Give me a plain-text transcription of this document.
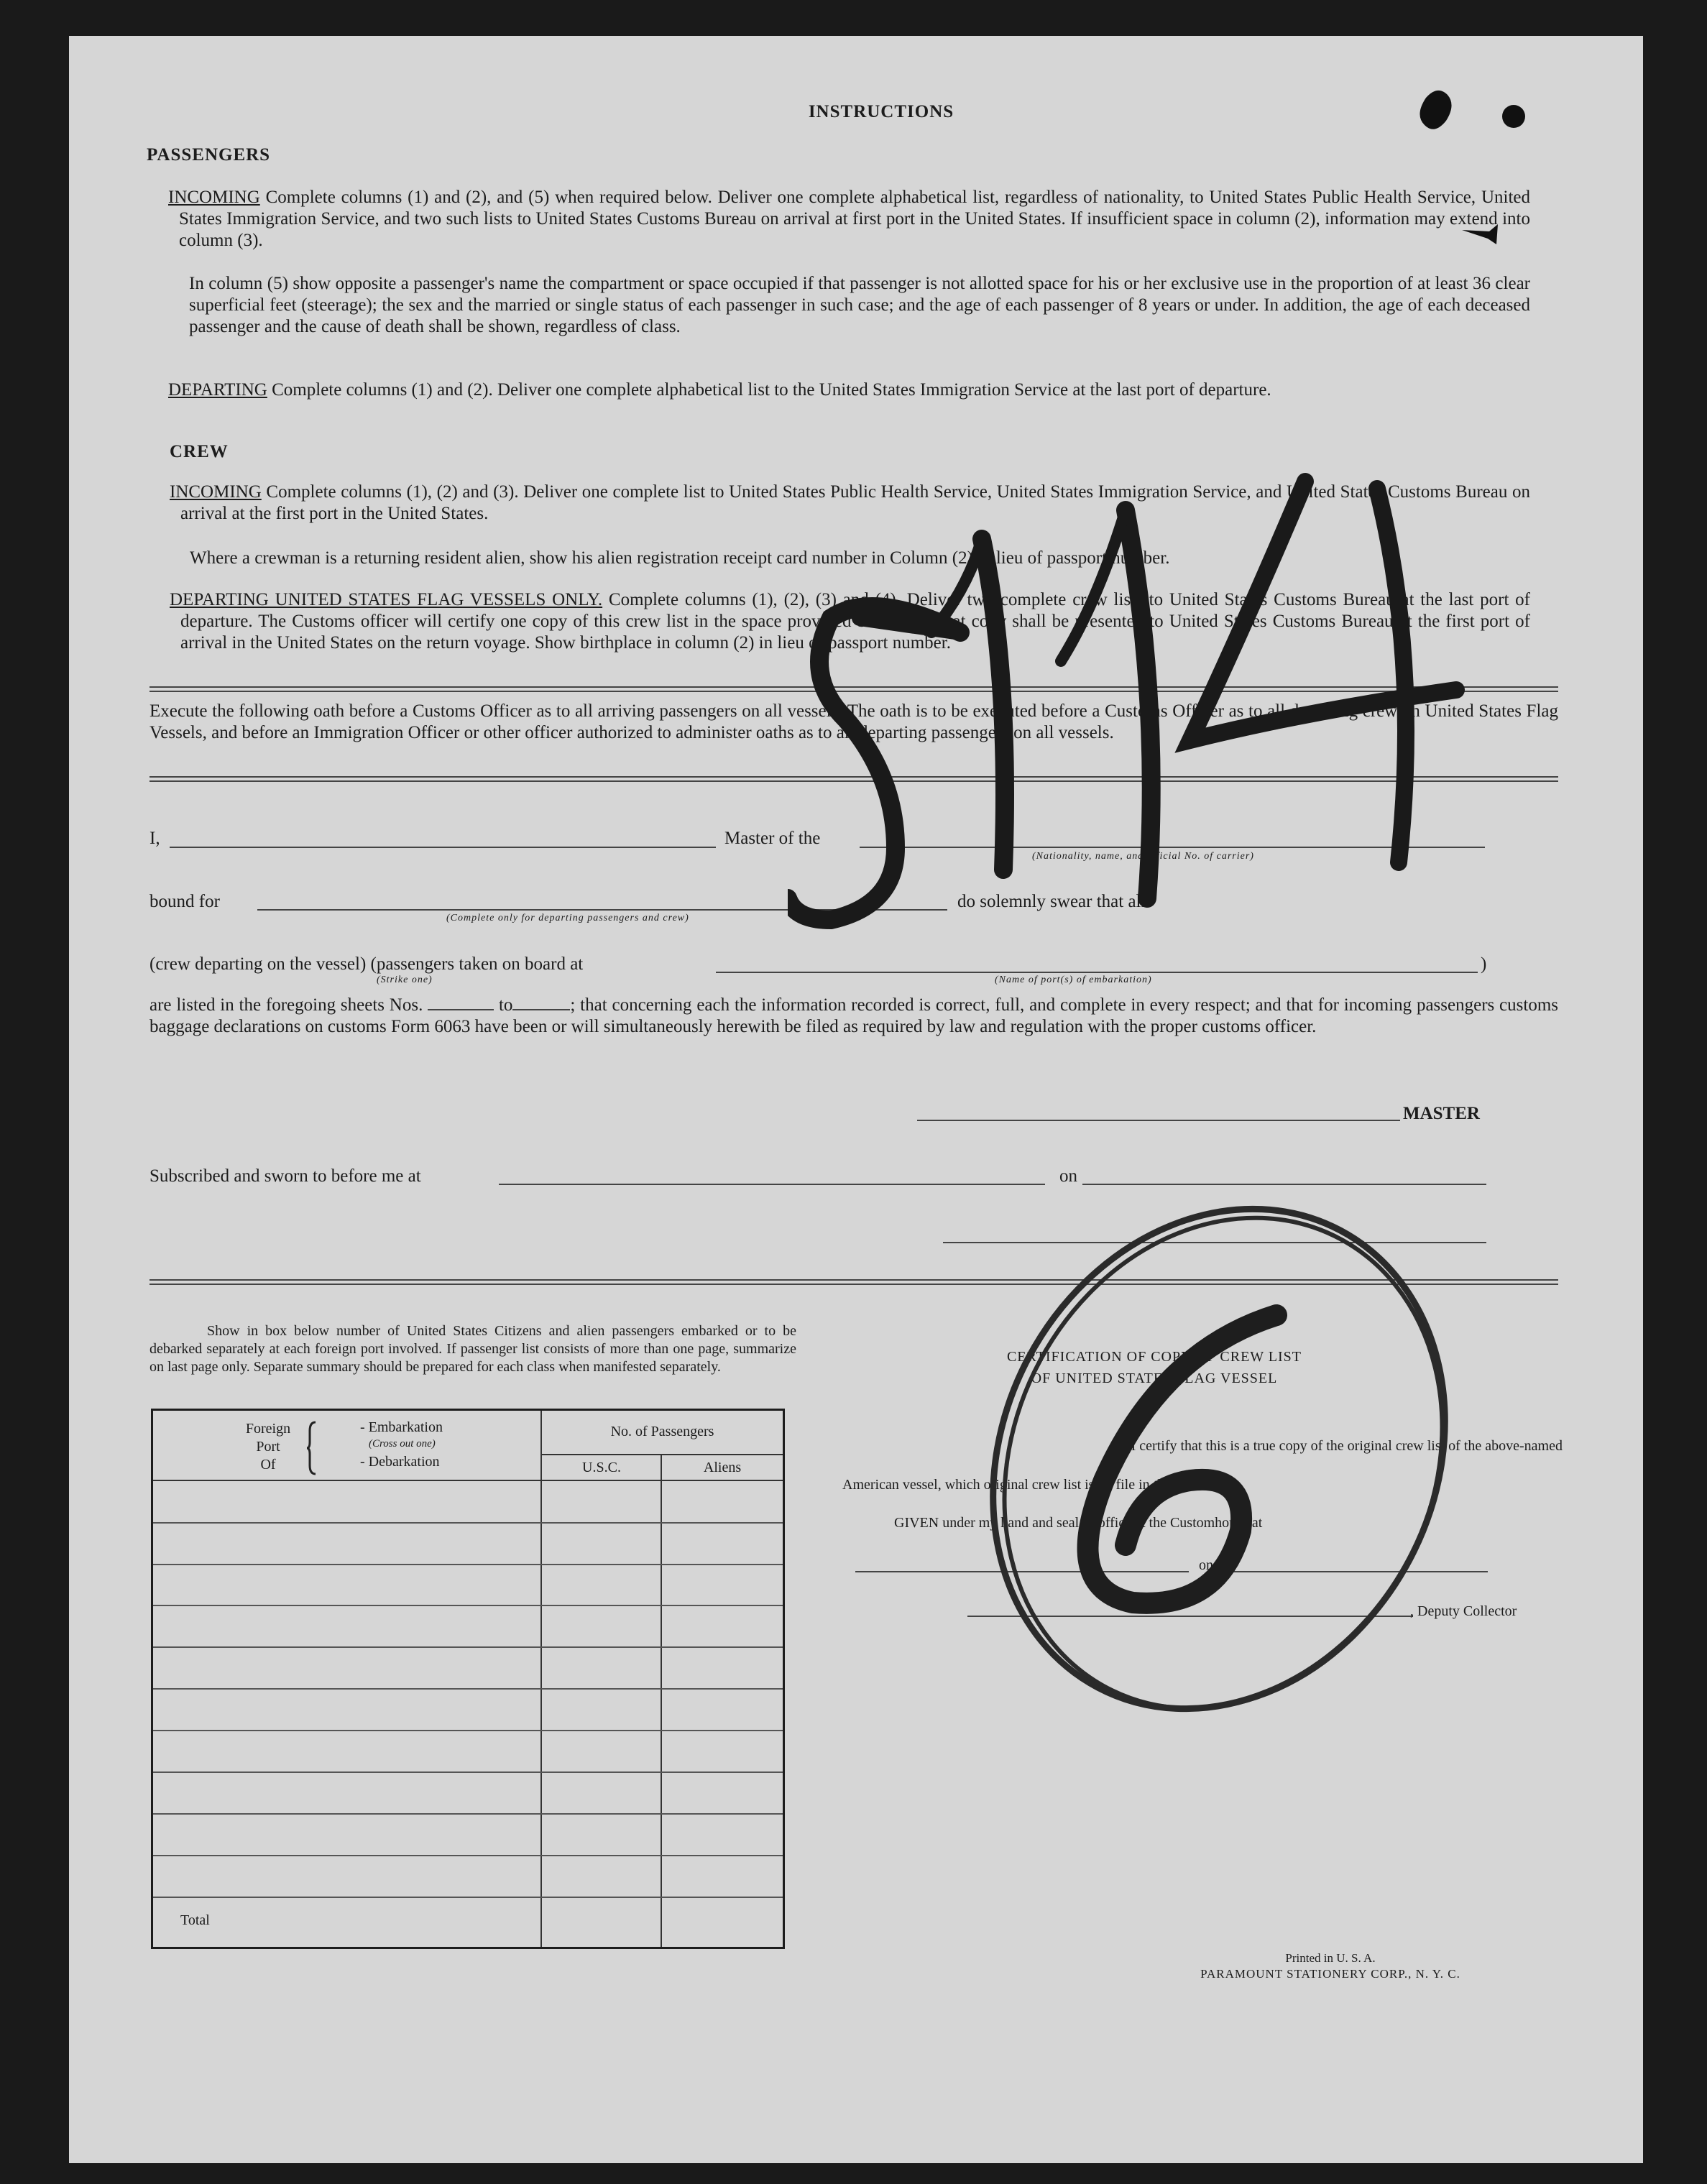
INSTRUCTIONS
PASSENGERS
INCOMING Complete columns (1) and (2), and (5) when required below. Deliver one complete alphabetical list, regardless of nationality, to United States Public Health Service, United States Immigration Service, and two such lists to United States Customs Bureau on arrival at first port in the United States. If insufficient space in column (2), information may extend into column (3).
In column (5) show opposite a passenger's name the compartment or space occupied if that passenger is not allotted space for his or her exclusive use in the proportion of at least 36 clear superficial feet (steerage); the sex and the married or single status of each passenger in such case; and the age of each passenger of 8 years or under. In addition, the age of each deceased passenger and the cause of death shall be shown, regardless of class.
DEPARTING Complete columns (1) and (2). Deliver one complete alphabetical list to the United States Immigration Service at the last port of departure.
CREW
INCOMING Complete columns (1), (2) and (3). Deliver one complete list to United States Public Health Service, United States Immigration Service, and United States Customs Bureau on arrival at the first port in the United States.
Where a crewman is a returning resident alien, show his alien registration receipt card number in Column (2) in lieu of passport number.
DEPARTING UNITED STATES FLAG VESSELS ONLY. Complete columns (1), (2), (3) and (4). Deliver two complete crew lists to United States Customs Bureau at the last port of departure. The Customs officer will certify one copy of this crew list in the space provided below and that copy shall be presented to United States Customs Bureau at the first port of arrival in the United States on the return voyage. Show birthplace in column (2) in lieu of passport number.
Execute the following oath before a Customs Officer as to all arriving passengers on all vessels. The oath is to be executed before a Customs Officer as to all departing crew on United States Flag Vessels, and before an Immigration Officer or other officer authorized to administer oaths as to all departing passengers on all vessels.
I,	Master of the
(Nationality, name, and official No. of carrier)
bound for
(Complete only for departing passengers and crew)
do solemnly swear that all
(crew departing on the vessel) (passengers taken on board at	)
(Strike one)	(Name of port(s) of embarkation)
are listed in the foregoing sheets Nos.	to	; that concerning each the information recorded is correct, full, and complete in every respect; and that for incoming passengers customs baggage declarations on customs Form 6063 have been or will simultaneously herewith be filed as required by law and regulation with the proper customs officer.
MASTER
Subscribed and sworn to before me at	on
Show in box below number of United States Citizens and alien passengers embarked or to be debarked separately at each foreign port involved. If passenger list consists of more than one page, summarize on last page only. Separate summary should be prepared for each class when manifested separately.
Foreign
Port
Of
- Embarkation
(Cross out one)
- Debarkation
No. of Passengers
U.S.C.	Aliens
Total
CERTIFICATION OF COPY OF CREW LIST
OF UNITED STATES FLAG VESSEL
I certify that this is a true copy of the original crew list of the above-named
American vessel, which original crew list is on file in this office.
GIVEN under my hand and seal of office at the Customhouse at
on
, Deputy Collector
Printed in U. S. A.
PARAMOUNT STATIONERY CORP., N. Y. C.
